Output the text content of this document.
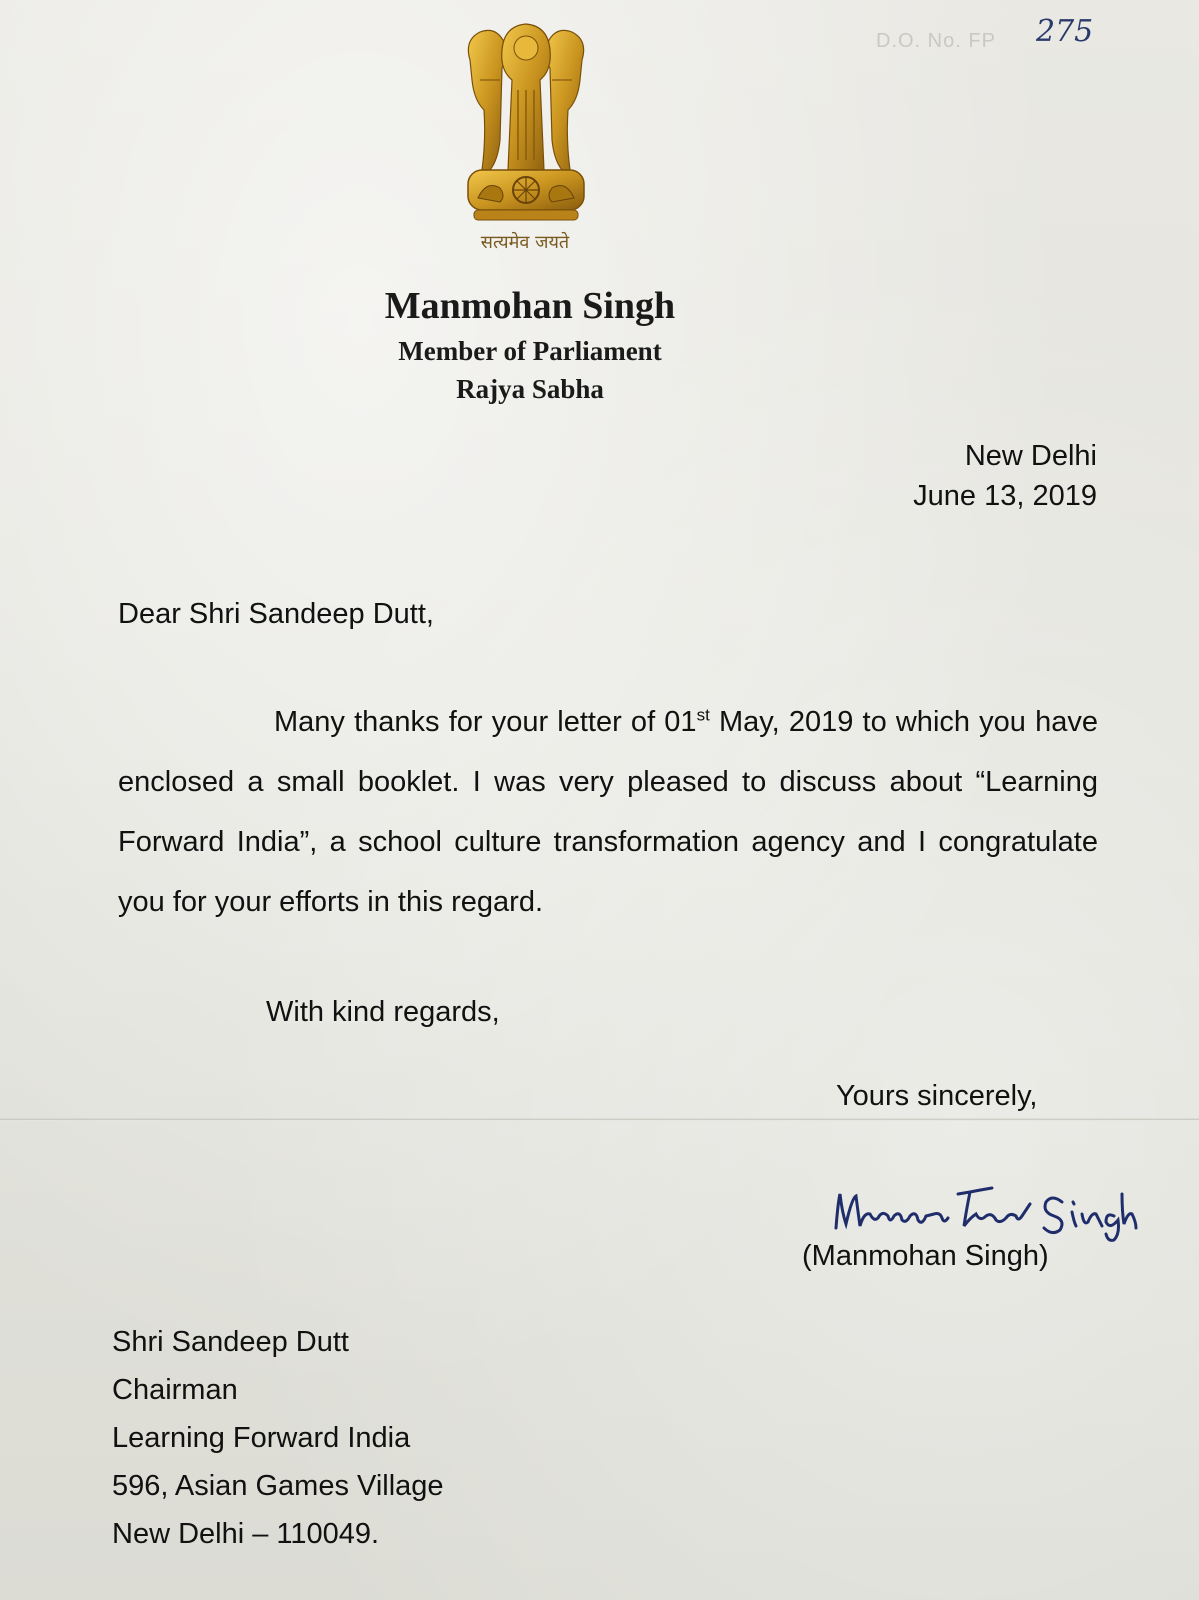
D.O. No. FP 275
सत्यमेव जयते
Manmohan Singh
Member of Parliament
Rajya Sabha
New Delhi
June 13, 2019
Dear Shri Sandeep Dutt,
Many thanks for your letter of 01st May, 2019 to which you have enclosed a small booklet. I was very pleased to discuss about “Learning Forward India”, a school culture transformation agency and I congratulate you for your efforts in this regard.
With kind regards,
Yours sincerely,
(Manmohan Singh)
Shri Sandeep Dutt
Chairman
Learning Forward India
596, Asian Games Village
New Delhi – 110049.
